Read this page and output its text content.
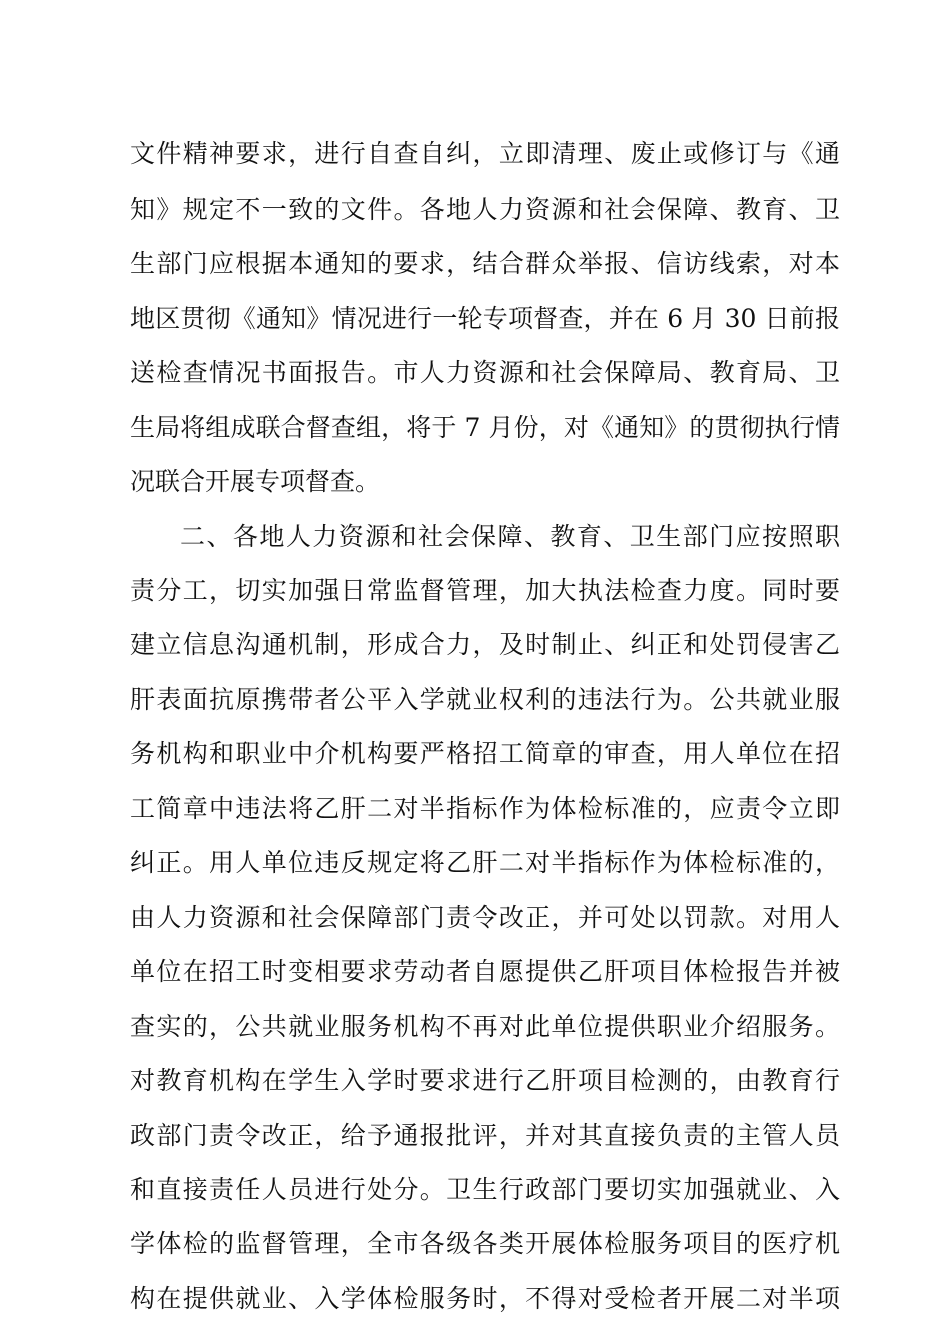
文件精神要求，进行自查自纠，立即清理、废止或修订与《通
知》规定不一致的文件。各地人力资源和社会保障、教育、卫
生部门应根据本通知的要求，结合群众举报、信访线索，对本
地区贯彻《通知》情况进行一轮专项督查，并在 6 月 30 日前报
送检查情况书面报告。市人力资源和社会保障局、教育局、卫
生局将组成联合督查组，将于 7 月份，对《通知》的贯彻执行情
况联合开展专项督查。
二、各地人力资源和社会保障、教育、卫生部门应按照职
责分工，切实加强日常监督管理，加大执法检查力度。同时要
建立信息沟通机制，形成合力，及时制止、纠正和处罚侵害乙
肝表面抗原携带者公平入学就业权利的违法行为。公共就业服
务机构和职业中介机构要严格招工简章的审查，用人单位在招
工简章中违法将乙肝二对半指标作为体检标准的，应责令立即
纠正。用人单位违反规定将乙肝二对半指标作为体检标准的，
由人力资源和社会保障部门责令改正，并可处以罚款。对用人
单位在招工时变相要求劳动者自愿提供乙肝项目体检报告并被
查实的，公共就业服务机构不再对此单位提供职业介绍服务。
对教育机构在学生入学时要求进行乙肝项目检测的，由教育行
政部门责令改正，给予通报批评，并对其直接负责的主管人员
和直接责任人员进行处分。卫生行政部门要切实加强就业、入
学体检的监督管理，全市各级各类开展体检服务项目的医疗机
构在提供就业、入学体检服务时，不得对受检者开展二对半项
